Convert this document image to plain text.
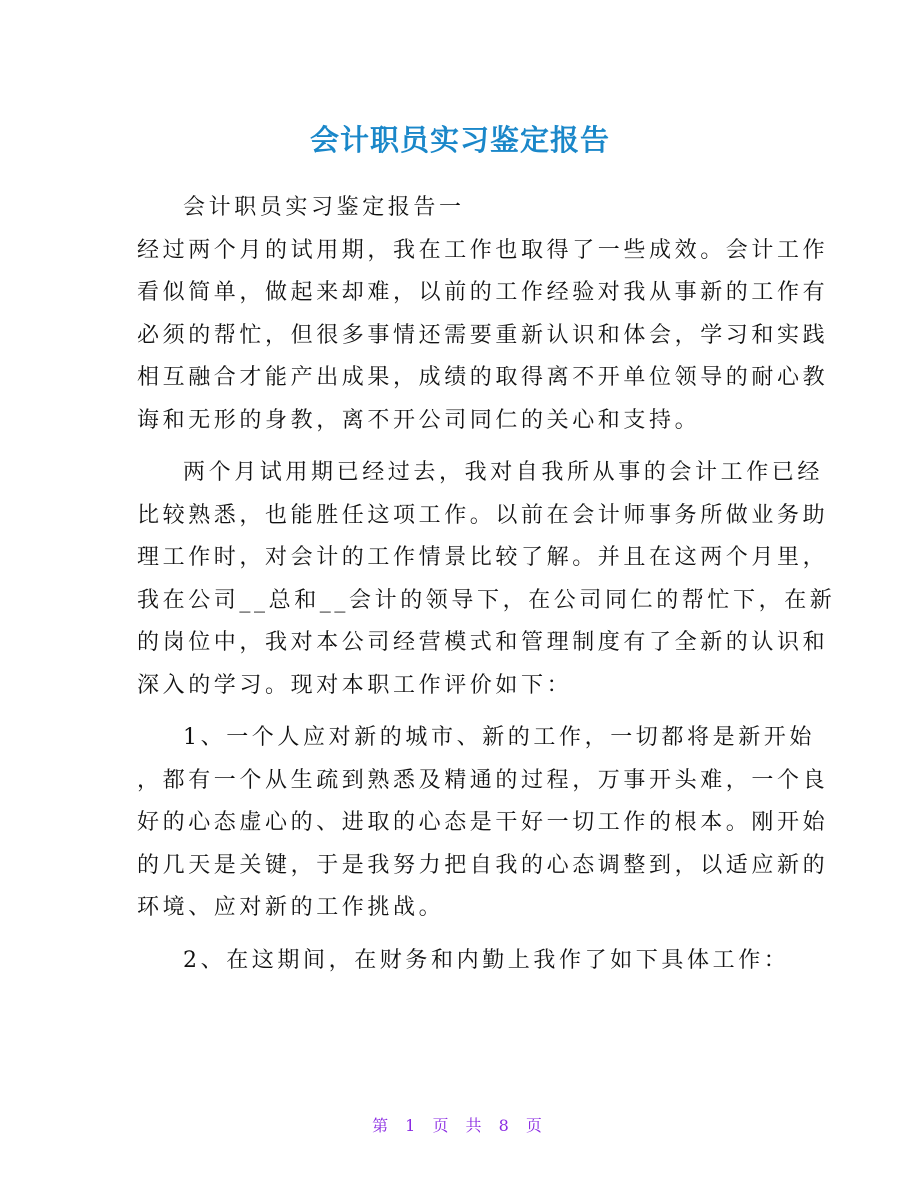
会计职员实习鉴定报告
会计职员实习鉴定报告一
经过两个月的试用期，我在工作也取得了一些成效。会计工作
看似简单，做起来却难，以前的工作经验对我从事新的工作有
必须的帮忙，但很多事情还需要重新认识和体会，学习和实践
相互融合才能产出成果，成绩的取得离不开单位领导的耐心教
诲和无形的身教，离不开公司同仁的关心和支持。
两个月试用期已经过去，我对自我所从事的会计工作已经
比较熟悉，也能胜任这项工作。以前在会计师事务所做业务助
理工作时，对会计的工作情景比较了解。并且在这两个月里，
我在公司__总和__会计的领导下，在公司同仁的帮忙下，在新
的岗位中，我对本公司经营模式和管理制度有了全新的认识和
深入的学习。现对本职工作评价如下：
1、一个人应对新的城市、新的工作，一切都将是新开始
，都有一个从生疏到熟悉及精通的过程，万事开头难，一个良
好的心态虚心的、进取的心态是干好一切工作的根本。刚开始
的几天是关键，于是我努力把自我的心态调整到，以适应新的
环境、应对新的工作挑战。
2、在这期间，在财务和内勤上我作了如下具体工作：
第 1 页 共 8 页
